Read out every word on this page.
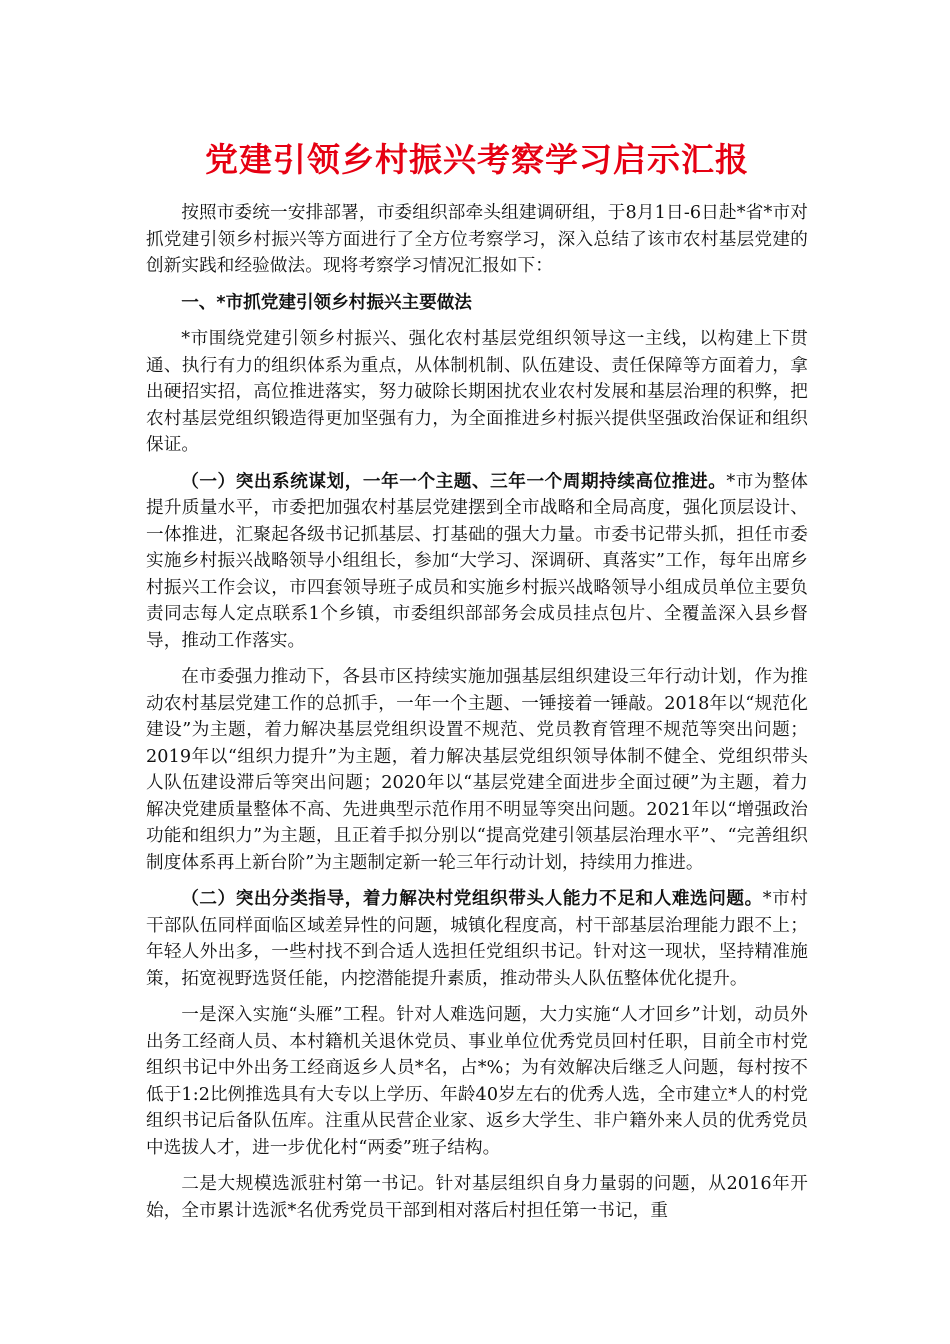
党建引领乡村振兴考察学习启示汇报

按照市委统一安排部署，市委组织部牵头组建调研组，于8月1日-6日赴*省*市对抓党建引领乡村振兴等方面进行了全方位考察学习，深入总结了该市农村基层党建的创新实践和经验做法。现将考察学习情况汇报如下：

一、*市抓党建引领乡村振兴主要做法

*市围绕党建引领乡村振兴、强化农村基层党组织领导这一主线，以构建上下贯通、执行有力的组织体系为重点，从体制机制、队伍建设、责任保障等方面着力，拿出硬招实招，高位推进落实，努力破除长期困扰农业农村发展和基层治理的积弊，把农村基层党组织锻造得更加坚强有力，为全面推进乡村振兴提供坚强政治保证和组织保证。

（一）突出系统谋划，一年一个主题、三年一个周期持续高位推进。*市为整体提升质量水平，市委把加强农村基层党建摆到全市战略和全局高度，强化顶层设计、一体推进，汇聚起各级书记抓基层、打基础的强大力量。市委书记带头抓，担任市委实施乡村振兴战略领导小组组长，参加“大学习、深调研、真落实”工作，每年出席乡村振兴工作会议，市四套领导班子成员和实施乡村振兴战略领导小组成员单位主要负责同志每人定点联系1个乡镇，市委组织部部务会成员挂点包片、全覆盖深入县乡督导，推动工作落实。

在市委强力推动下，各县市区持续实施加强基层组织建设三年行动计划，作为推动农村基层党建工作的总抓手，一年一个主题、一锤接着一锤敲。2018年以“规范化建设”为主题，着力解决基层党组织设置不规范、党员教育管理不规范等突出问题；2019年以“组织力提升”为主题，着力解决基层党组织领导体制不健全、党组织带头人队伍建设滞后等突出问题；2020年以“基层党建全面进步全面过硬”为主题，着力解决党建质量整体不高、先进典型示范作用不明显等突出问题。2021年以“增强政治功能和组织力”为主题，且正着手拟分别以“提高党建引领基层治理水平”、“完善组织制度体系再上新台阶”为主题制定新一轮三年行动计划，持续用力推进。

（二）突出分类指导，着力解决村党组织带头人能力不足和人难选问题。*市村干部队伍同样面临区域差异性的问题，城镇化程度高，村干部基层治理能力跟不上；年轻人外出多，一些村找不到合适人选担任党组织书记。针对这一现状，坚持精准施策，拓宽视野选贤任能，内挖潜能提升素质，推动带头人队伍整体优化提升。

一是深入实施“头雁”工程。针对人难选问题，大力实施“人才回乡”计划，动员外出务工经商人员、本村籍机关退休党员、事业单位优秀党员回村任职，目前全市村党组织书记中外出务工经商返乡人员*名，占*%；为有效解决后继乏人问题，每村按不低于1:2比例推选具有大专以上学历、年龄40岁左右的优秀人选，全市建立*人的村党组织书记后备队伍库。注重从民营企业家、返乡大学生、非户籍外来人员的优秀党员中选拔人才，进一步优化村“两委”班子结构。

二是大规模选派驻村第一书记。针对基层组织自身力量弱的问题，从2016年开始，全市累计选派*名优秀党员干部到相对落后村担任第一书记，重
